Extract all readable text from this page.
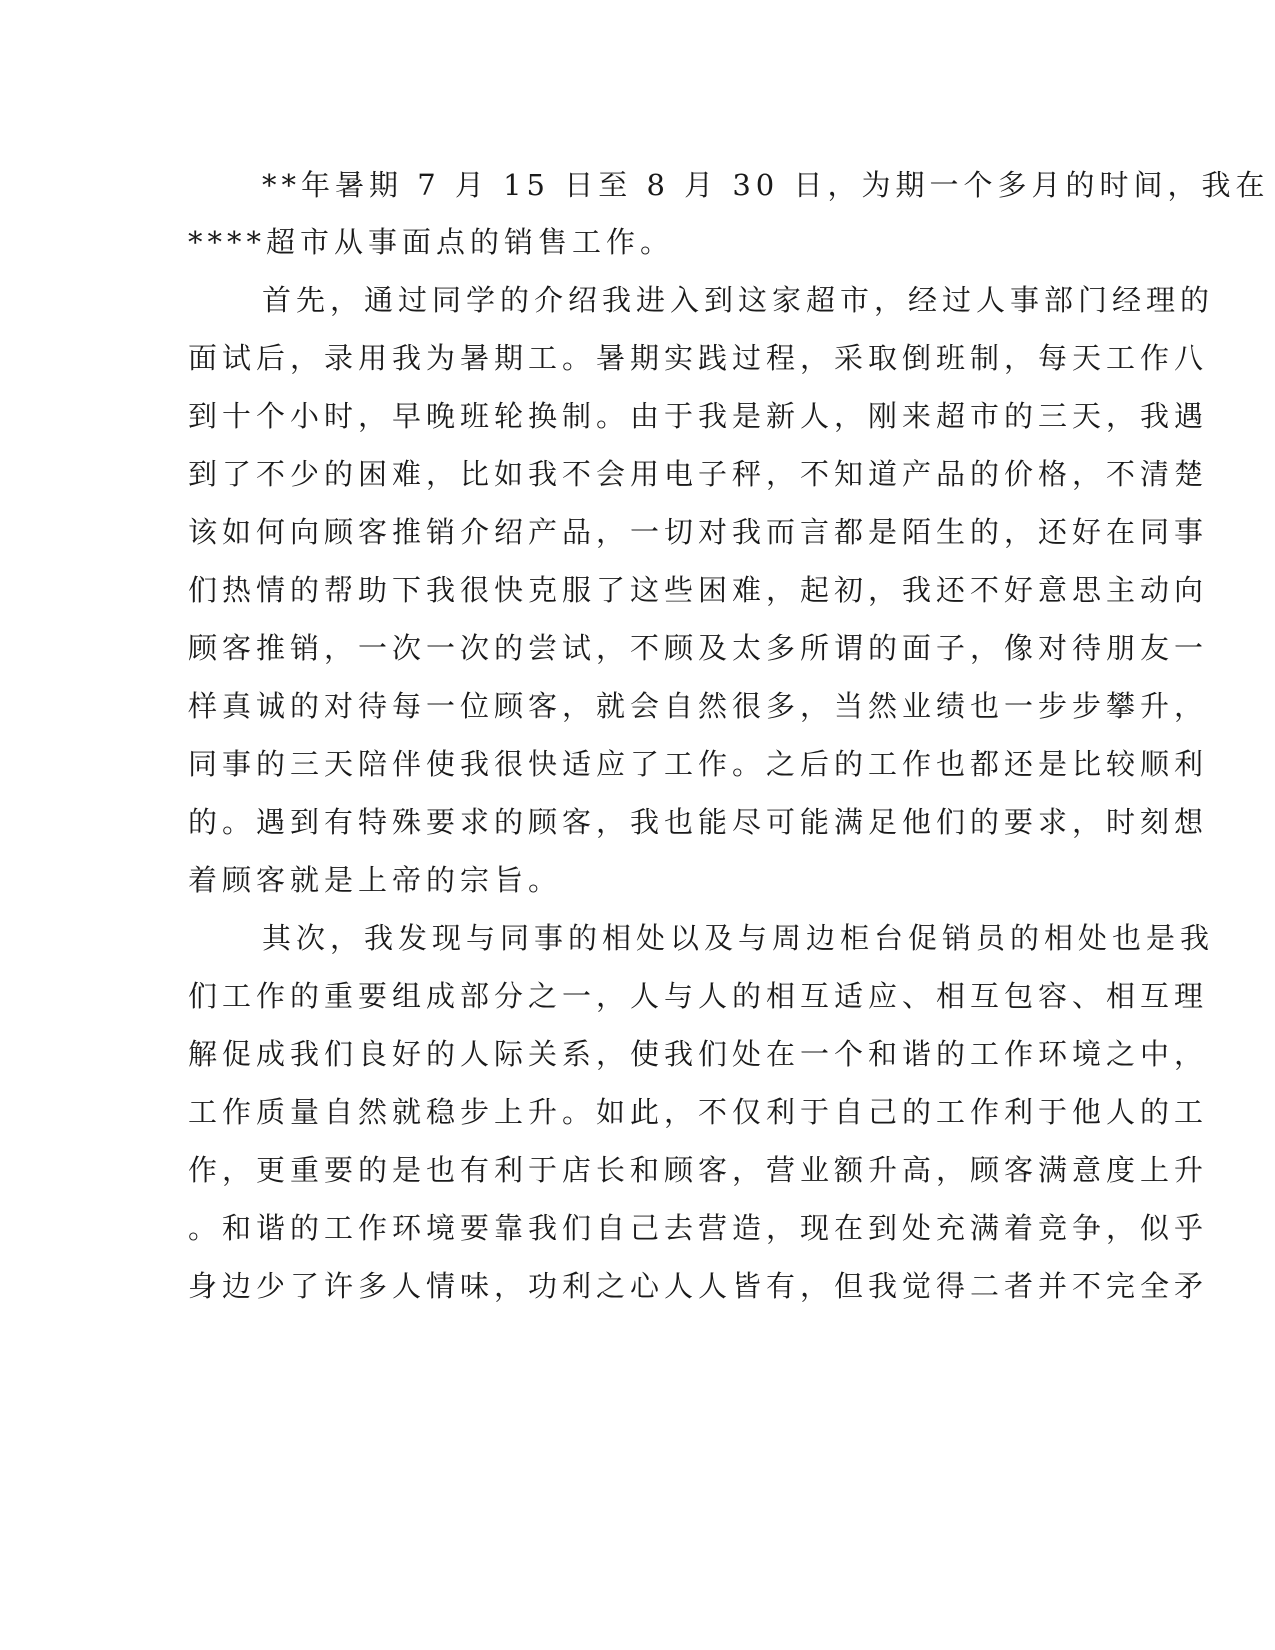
**年暑期 7 月 15 日至 8 月 30 日，为期一个多月的时间，我在

****超市从事面点的销售工作。

首先，通过同学的介绍我进入到这家超市，经过人事部门经理的

面试后，录用我为暑期工。暑期实践过程，采取倒班制，每天工作八

到十个小时，早晚班轮换制。由于我是新人，刚来超市的三天，我遇

到了不少的困难，比如我不会用电子秤，不知道产品的价格，不清楚

该如何向顾客推销介绍产品，一切对我而言都是陌生的，还好在同事

们热情的帮助下我很快克服了这些困难，起初，我还不好意思主动向

顾客推销，一次一次的尝试，不顾及太多所谓的面子，像对待朋友一

样真诚的对待每一位顾客，就会自然很多，当然业绩也一步步攀升，

同事的三天陪伴使我很快适应了工作。之后的工作也都还是比较顺利

的。遇到有特殊要求的顾客，我也能尽可能满足他们的要求，时刻想

着顾客就是上帝的宗旨。

其次，我发现与同事的相处以及与周边柜台促销员的相处也是我

们工作的重要组成部分之一，人与人的相互适应、相互包容、相互理

解促成我们良好的人际关系，使我们处在一个和谐的工作环境之中，

工作质量自然就稳步上升。如此，不仅利于自己的工作利于他人的工

作，更重要的是也有利于店长和顾客，营业额升高，顾客满意度上升

。和谐的工作环境要靠我们自己去营造，现在到处充满着竞争，似乎

身边少了许多人情味，功利之心人人皆有，但我觉得二者并不完全矛
